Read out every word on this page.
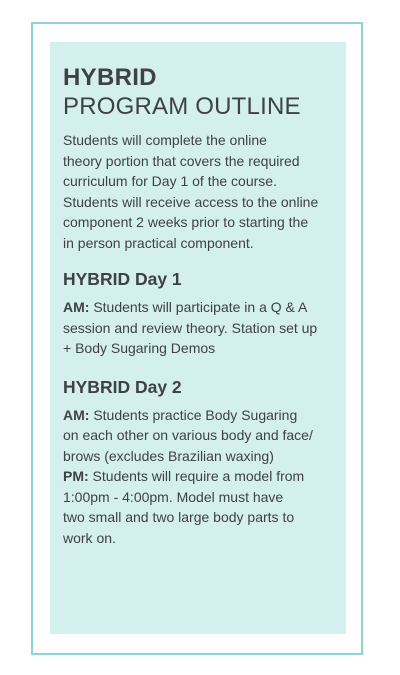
HYBRID
PROGRAM OUTLINE
Students will complete the online
theory portion that covers the required
curriculum for Day 1 of the course.
Students will receive access to the online
component 2 weeks prior to starting the
in person practical component.
HYBRID Day 1
AM: Students will participate in a Q & A
session and review theory. Station set up
+ Body Sugaring Demos
HYBRID Day 2
AM: Students practice Body Sugaring
on each other on various body and face/
brows (excludes Brazilian waxing)
PM: Students will require a model from
1:00pm - 4:00pm. Model must have
two small and two large body parts to
work on.
